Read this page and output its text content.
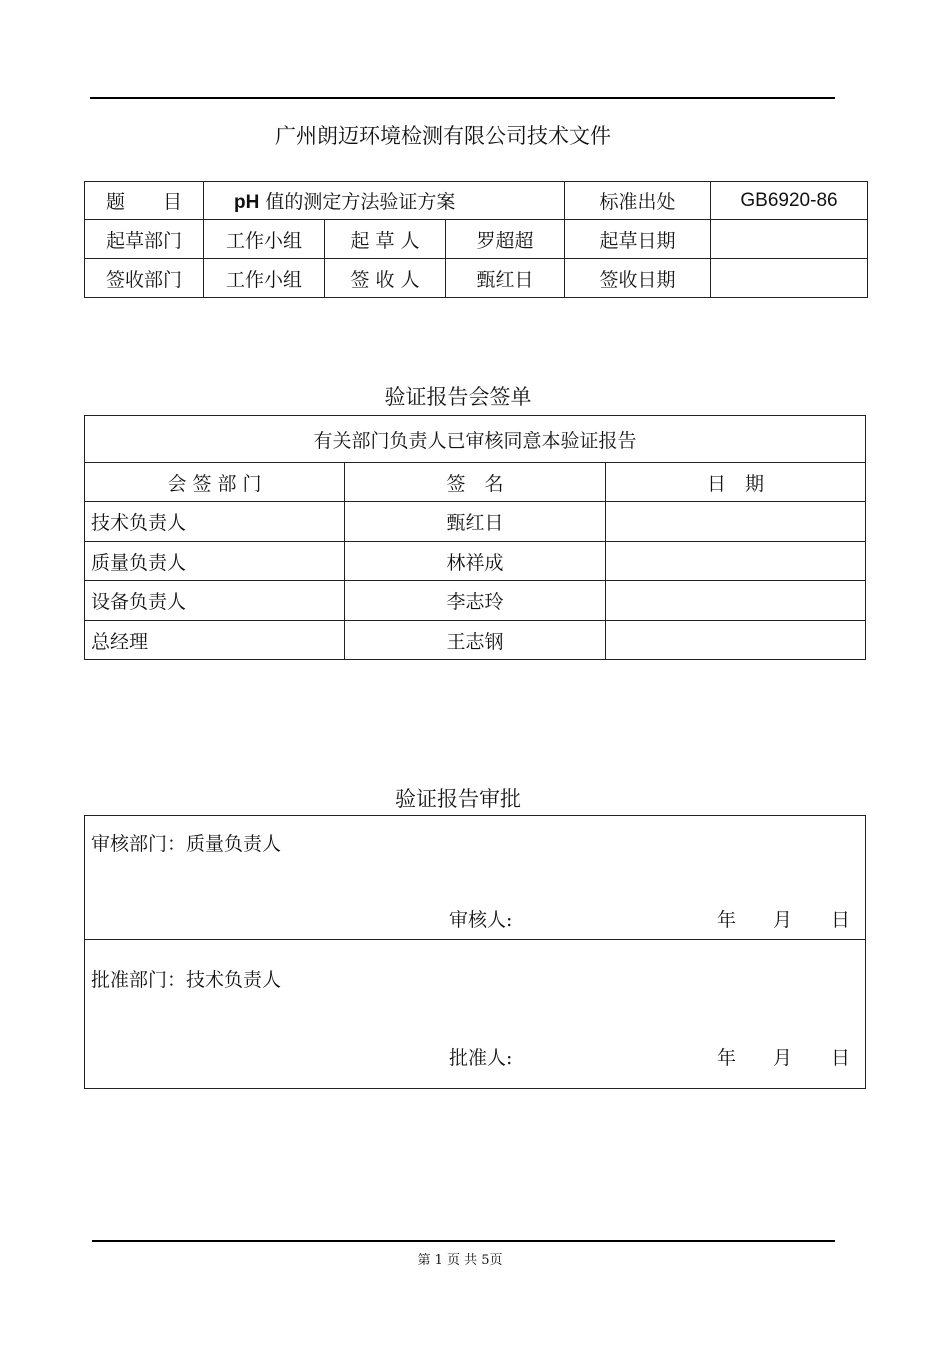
广州朗迈环境检测有限公司技术文件
题　　目	pH 值的测定方法验证方案			标准出处	GB6920-86
起草部门	工作小组	起 草 人	罗超超	起草日期	
签收部门	工作小组	签 收 人	甄红日	签收日期	
验证报告会签单
有关部门负责人已审核同意本验证报告		
会 签 部 门	签　名	日　期
技术负责人	甄红日	
质量负责人	林祥成	
设备负责人	李志玲	
总经理	王志钢	
验证报告审批
审核部门：质量负责人
审核人:	年 月 日
批准部门：技术负责人
批准人:	年 月 日
第 1 页 共 5页
